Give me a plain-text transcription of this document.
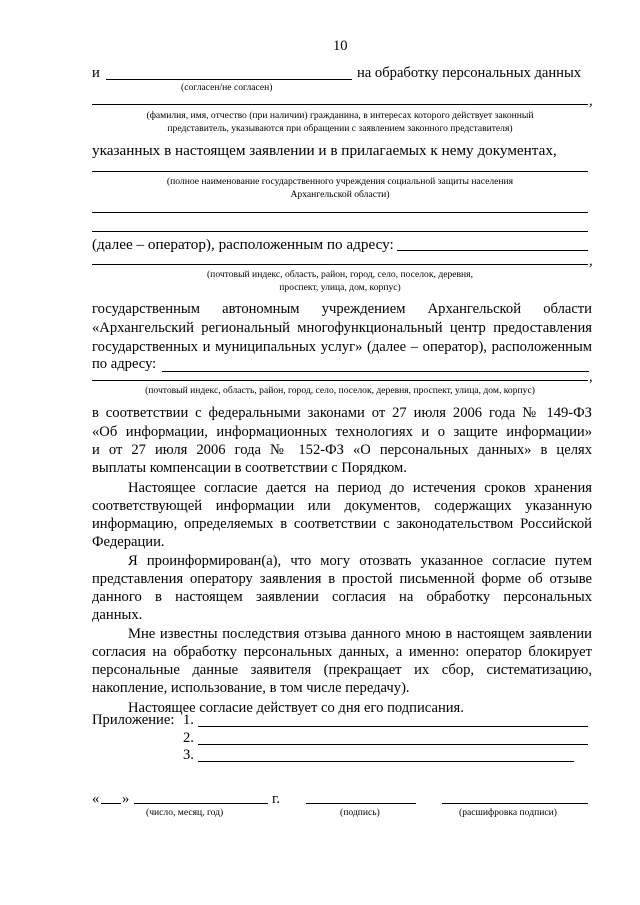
10
и	на обработку персональных данных
(согласен/не согласен)
,
(фамилия, имя, отчество (при наличии) гражданина, в интересах которого действует законный
представитель, указываются при обращении с заявлением законного представителя)
указанных в настоящем заявлении и в прилагаемых к нему документах,
(полное наименование государственного учреждения социальной защиты населения
Архангельской области)
(далее – оператор), расположенным по адресу:
,
(почтовый индекс, область, район, город, село, поселок, деревня,
проспект, улица, дом, корпус)
государственным автономным учреждением Архангельской области
«Архангельский региональный многофункциональный центр предоставления
государственных и муниципальных услуг» (далее – оператор), расположенным
по адресу:
,
(почтовый индекс, область, район, город, село, поселок, деревня, проспект, улица, дом, корпус)
в соответствии с федеральными законами от 27 июля 2006 года № 149-ФЗ
«Об информации, информационных технологиях и о защите информации»
и от 27 июля 2006 года № 152-ФЗ «О персональных данных» в целях
выплаты компенсации в соответствии с Порядком.
Настоящее согласие дается на период до истечения сроков хранения
соответствующей информации или документов, содержащих указанную
информацию, определяемых в соответствии с законодательством Российской
Федерации.
Я проинформирован(а), что могу отозвать указанное согласие путем
представления оператору заявления в простой письменной форме об отзыве
данного в настоящем заявлении согласия на обработку персональных
данных.
Мне известны последствия отзыва данного мною в настоящем заявлении
согласия на обработку персональных данных, а именно: оператор блокирует
персональные данные заявителя (прекращает их сбор, систематизацию,
накопление, использование, в том числе передачу).
Настоящее согласие действует со дня его подписания.
Приложение: 1.
2.
3.
« »	г.
(число, месяц, год)	(подпись)	(расшифровка подписи)
